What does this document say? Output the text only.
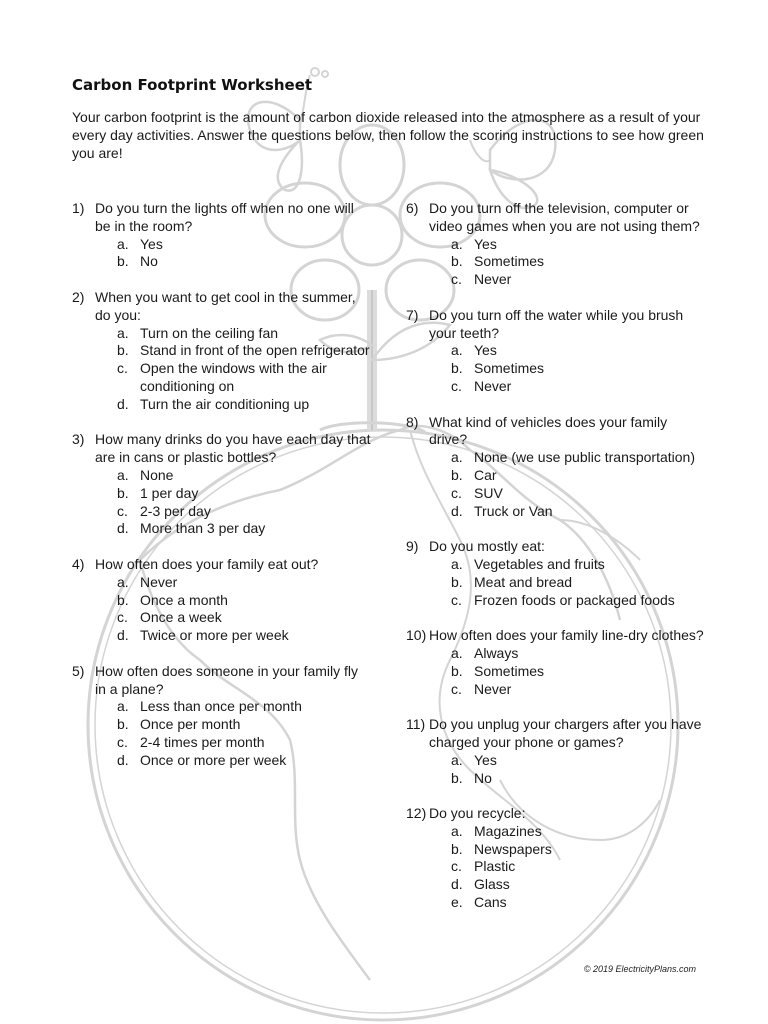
Carbon Footprint Worksheet
Your carbon footprint is the amount of carbon dioxide released into the atmosphere as a result of your every day activities. Answer the questions below, then follow the scoring instructions to see how green you are!
1) Do you turn the lights off when no one will be in the room?
a. Yes
b. No
2) When you want to get cool in the summer, do you:
a. Turn on the ceiling fan
b. Stand in front of the open refrigerator
c. Open the windows with the air conditioning on
d. Turn the air conditioning up
3) How many drinks do you have each day that are in cans or plastic bottles?
a. None
b. 1 per day
c. 2-3 per day
d. More than 3 per day
4) How often does your family eat out?
a. Never
b. Once a month
c. Once a week
d. Twice or more per week
5) How often does someone in your family fly in a plane?
a. Less than once per month
b. Once per month
c. 2-4 times per month
d. Once or more per week
6) Do you turn off the television, computer or video games when you are not using them?
a. Yes
b. Sometimes
c. Never
7) Do you turn off the water while you brush your teeth?
a. Yes
b. Sometimes
c. Never
8) What kind of vehicles does your family drive?
a. None (we use public transportation)
b. Car
c. SUV
d. Truck or Van
9) Do you mostly eat:
a. Vegetables and fruits
b. Meat and bread
c. Frozen foods or packaged foods
10) How often does your family line-dry clothes?
a. Always
b. Sometimes
c. Never
11) Do you unplug your chargers after you have charged your phone or games?
a. Yes
b. No
12) Do you recycle:
a. Magazines
b. Newspapers
c. Plastic
d. Glass
e. Cans
© 2019 ElectricityPlans.com
